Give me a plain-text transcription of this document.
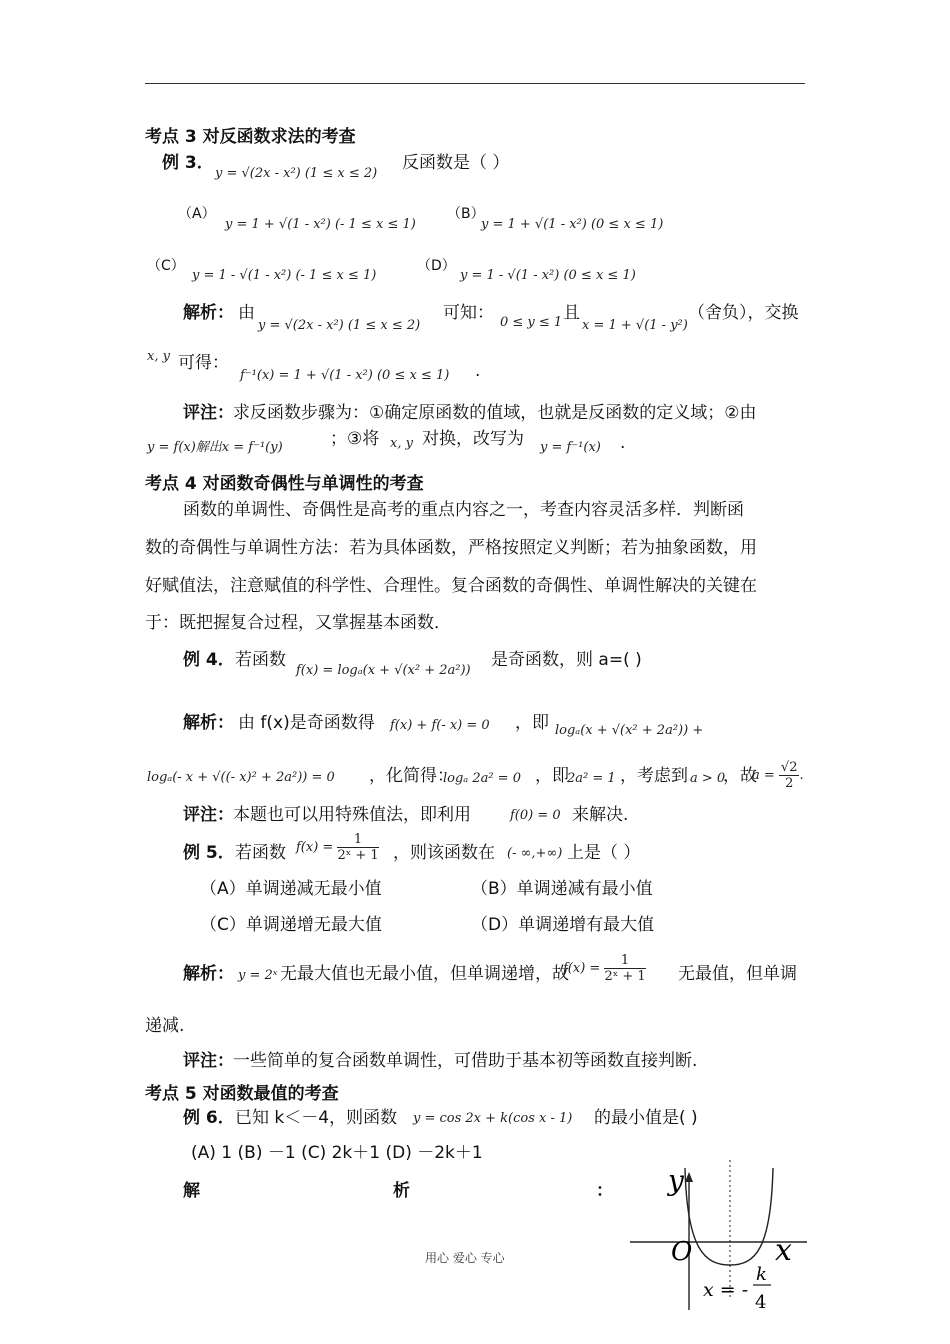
考点 3 对反函数求法的考查
例 3．
y = √(2x - x²) (1 ≤ x ≤ 2)
反函数是（ ）
（A）
y = 1 + √(1 - x²) (- 1 ≤ x ≤ 1)
（B）
y = 1 + √(1 - x²) (0 ≤ x ≤ 1)
（C）
y = 1 - √(1 - x²) (- 1 ≤ x ≤ 1)
（D）
y = 1 - √(1 - x²) (0 ≤ x ≤ 1)
解析： 由
y = √(2x - x²) (1 ≤ x ≤ 2)
可知： 0 ≤ y ≤ 1 且
x = 1 + √(1 - y²)
（舍负），交换
x, y 可得：
f⁻¹(x) = 1 + √(1 - x²) (0 ≤ x ≤ 1) .
评注： 求反函数步骤为：①确定原函数的值域，也就是反函数的定义域；②由
y = f(x)解出x = f⁻¹(y)	；③将 x, y 对换，改写为 y = f⁻¹(x) .
考点 4 对函数奇偶性与单调性的考查
函数的单调性、奇偶性是高考的重点内容之一，考查内容灵活多样．判断函
数的奇偶性与单调性方法：若为具体函数，严格按照定义判断；若为抽象函数，用
好赋值法，注意赋值的科学性、合理性。复合函数的奇偶性、单调性解决的关键在
于：既把握复合过程，又掌握基本函数．
例 4． 若函数
f(x) = logₐ(x + √(x² + 2a²))
是奇函数，则 a=( )
解析： 由 f(x)是奇函数得 f(x) + f(- x) = 0 ，即 logₐ(x + √(x² + 2a²)) +
logₐ(- x + √((- x)² + 2a²)) = 0 ，化简得：
logₐ 2a² = 0 ，即
2a² = 1 ，考虑到 a > 0
，故
$a = \frac{√2}{2}$ .
评注： 本题也可以用特殊值法，即利用	f(0) = 0 来解决.
例 5． 若函数 $f(x) = \frac{1}{\text{2ˣ + 1}}$ ，则该函数在 (- ∞,+∞) 上是（ ）
（A）单调递减无最小值	（B）单调递减有最小值
（C）单调递增无最大值	（D）单调递增有最大值
解析： y = 2ˣ 无最大值也无最小值，但单调递增，故
$f(x) = \frac{1}{\text{2ˣ + 1}}$ 无最值，但单调
递减.
评注： 一些简单的复合函数单调性，可借助于基本初等函数直接判断.
考点 5 对函数最值的考查
例 6． 已知 k＜－4，则函数 y = cos 2x + k(cos x - 1) 的最小值是( )
(A) 1 (B) －1 (C) 2k＋1 (D) －2k＋1
解	析	： y
x
O
x = -
k
4
用心 爱心 专心
